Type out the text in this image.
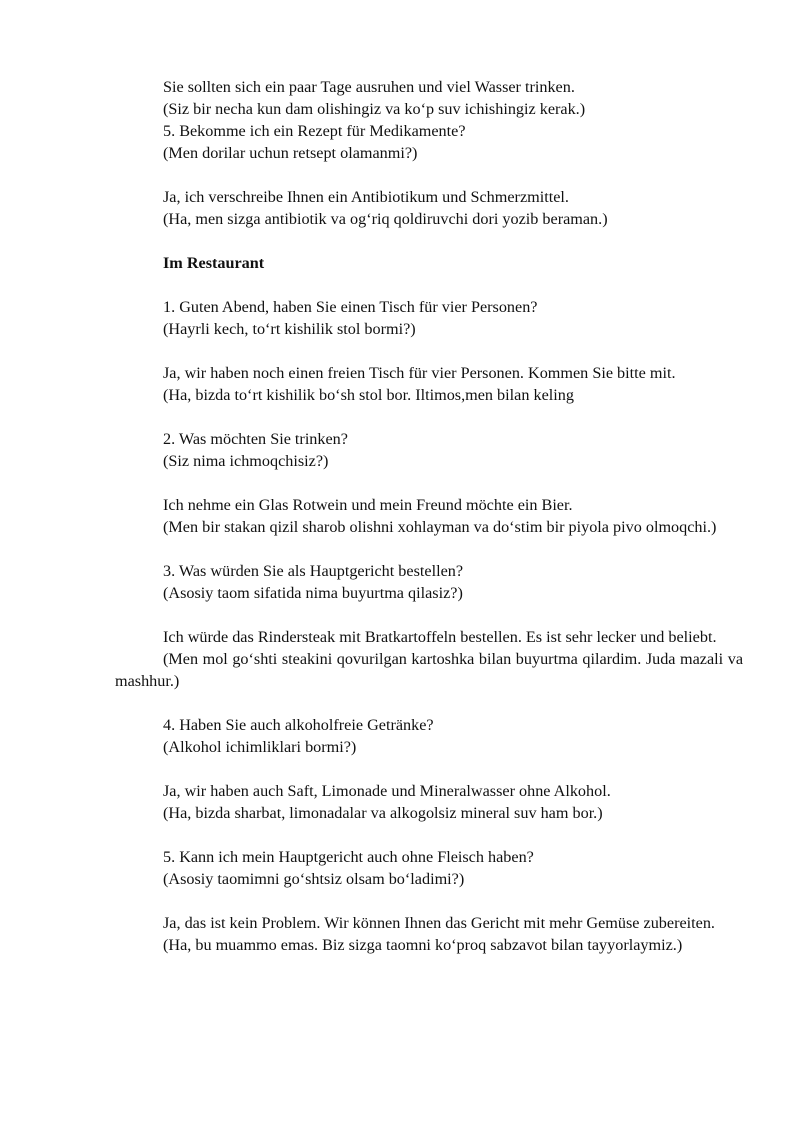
Sie sollten sich ein paar Tage ausruhen und viel Wasser trinken.

(Siz bir necha kun dam olishingiz va ko‘p suv ichishingiz kerak.)

5. Bekomme ich ein Rezept für Medikamente?

(Men dorilar uchun retsept olamanmi?)

Ja, ich verschreibe Ihnen ein Antibiotikum und Schmerzmittel.

(Ha, men sizga antibiotik va og‘riq qoldiruvchi dori yozib beraman.)

Im Restaurant

1. Guten Abend, haben Sie einen Tisch für vier Personen?

(Hayrli kech, to‘rt kishilik stol bormi?)

Ja, wir haben noch einen freien Tisch für vier Personen. Kommen Sie bitte mit.

(Ha, bizda to‘rt kishilik bo‘sh stol bor. Iltimos,men bilan keling

2. Was möchten Sie trinken?

(Siz nima ichmoqchisiz?)

Ich nehme ein Glas Rotwein und mein Freund möchte ein Bier.

(Men bir stakan qizil sharob olishni xohlayman va do‘stim bir piyola pivo olmoqchi.)

3. Was würden Sie als Hauptgericht bestellen?

(Asosiy taom sifatida nima buyurtma qilasiz?)

Ich würde das Rindersteak mit Bratkartoffeln bestellen. Es ist sehr lecker und beliebt.

(Men mol go‘shti steakini qovurilgan kartoshka bilan buyurtma qilardim. Juda mazali va mashhur.)

4. Haben Sie auch alkoholfreie Getränke?

(Alkohol ichimliklari bormi?)

Ja, wir haben auch Saft, Limonade und Mineralwasser ohne Alkohol.

(Ha, bizda sharbat, limonadalar va alkogolsiz mineral suv ham bor.)

5. Kann ich mein Hauptgericht auch ohne Fleisch haben?

(Asosiy taomimni go‘shtsiz olsam bo‘ladimi?)

Ja, das ist kein Problem. Wir können Ihnen das Gericht mit mehr Gemüse zubereiten.

(Ha, bu muammo emas. Biz sizga taomni ko‘proq sabzavot bilan tayyorlaymiz.)
